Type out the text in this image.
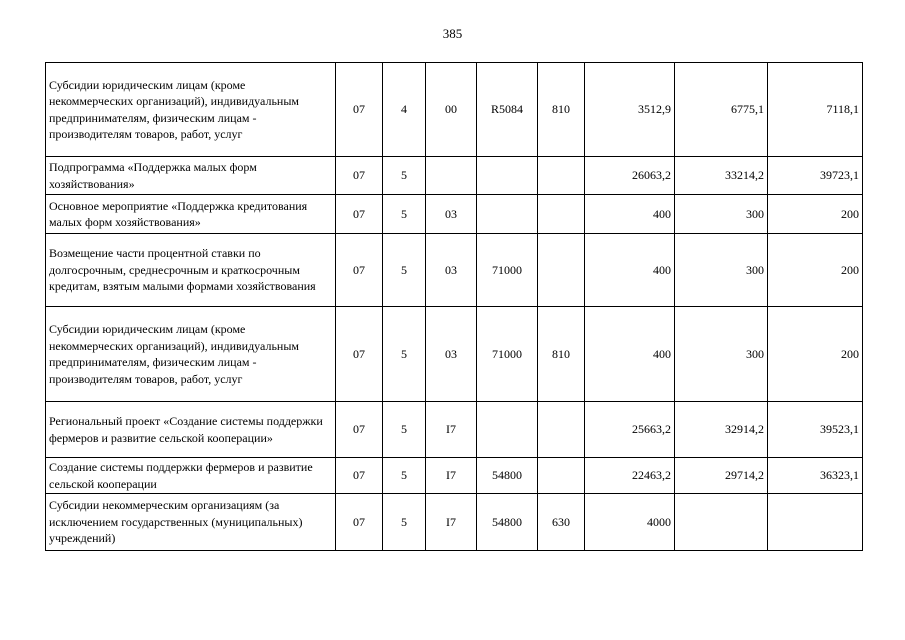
385
Субсидии юридическим лицам (кроме некоммерческих организаций), индивидуальным предпринимателям, физическим лицам - производителям товаров, работ, услуг	07	4	00	R5084	810	3512,9	6775,1	7118,1
Подпрограмма «Поддержка малых форм хозяйствования»	07	5				26063,2	33214,2	39723,1
Основное мероприятие «Поддержка кредитования малых форм хозяйствования»	07	5	03			400	300	200
Возмещение части процентной ставки по долгосрочным, среднесрочным и краткосрочным кредитам, взятым малыми формами хозяйствования	07	5	03	71000		400	300	200
Субсидии юридическим лицам (кроме некоммерческих организаций), индивидуальным предпринимателям, физическим лицам - производителям товаров, работ, услуг	07	5	03	71000	810	400	300	200
Региональный проект «Создание системы поддержки фермеров и развитие сельской кооперации»	07	5	I7			25663,2	32914,2	39523,1
Создание системы поддержки фермеров и развитие сельской кооперации	07	5	I7	54800		22463,2	29714,2	36323,1
Субсидии некоммерческим организациям (за исключением государственных (муниципальных) учреждений)	07	5	I7	54800	630	4000		
